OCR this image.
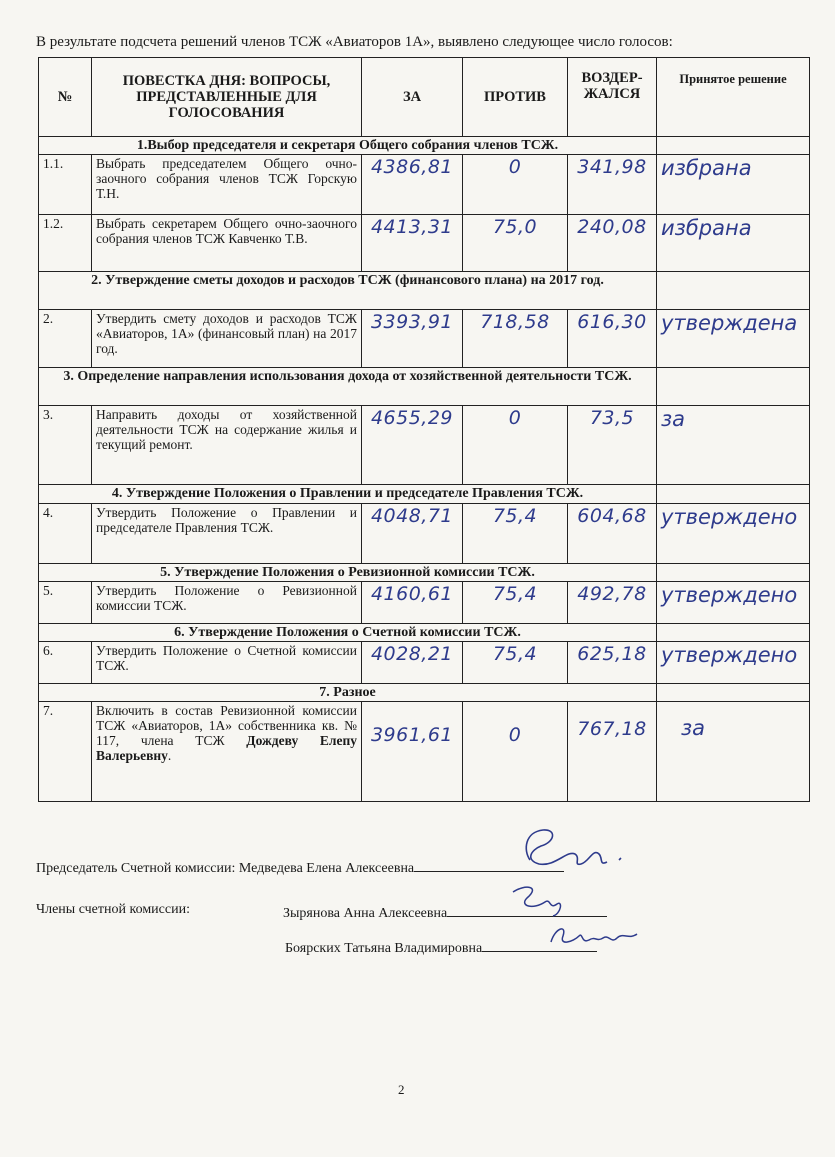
В результате подсчета решений членов ТСЖ «Авиаторов 1А», выявлено следующее число голосов:
№	ПОВЕСТКА ДНЯ: ВОПРОСЫ, ПРЕДСТАВЛЕННЫЕ ДЛЯ ГОЛОСОВАНИЯ	ЗА	ПРОТИВ	ВОЗДЕР-ЖАЛСЯ	Принятое решение
1.Выбор председателя и секретаря Общего собрания членов ТСЖ.					
1.1.	Выбрать председателем Общего очно-заочного собрания членов ТСЖ Горскую Т.Н.	4386,81	0	341,98	избрана
1.2.	Выбрать секретарем Общего очно-заочного собрания членов ТСЖ Кавченко Т.В.	4413,31	75,0	240,08	избрана
2. Утверждение сметы доходов и расходов ТСЖ (финансового плана) на 2017 год.					
2.	Утвердить смету доходов и расходов ТСЖ «Авиаторов, 1А» (финансовый план) на 2017 год.	3393,91	718,58	616,30	утверждена
3. Определение направления использования дохода от хозяйственной деятельности ТСЖ.					
3.	Направить доходы от хозяйственной деятельности ТСЖ на содержание жилья и текущий ремонт.	4655,29	0	73,5	за
4. Утверждение Положения о Правлении и председателе Правления ТСЖ.					
4.	Утвердить Положение о Правлении и председателе Правления ТСЖ.	4048,71	75,4	604,68	утверждено
5. Утверждение Положения о Ревизионной комиссии ТСЖ.					
5.	Утвердить Положение о Ревизионной комиссии ТСЖ.	4160,61	75,4	492,78	утверждено
6. Утверждение Положения о Счетной комиссии ТСЖ.					
6.	Утвердить Положение о Счетной комиссии ТСЖ.	4028,21	75,4	625,18	утверждено
7. Разное					
7.	Включить в состав Ревизионной комиссии ТСЖ «Авиаторов, 1А» собственника кв. № 117, члена ТСЖ Дождеву Елепу Валерьевну.	3961,61	0	767,18	за
Председатель Счетной комиссии: Медведева Елена Алексеевна
Члены счетной комиссии:	Зырянова Анна Алексеевна
Боярских Татьяна Владимировна
2
